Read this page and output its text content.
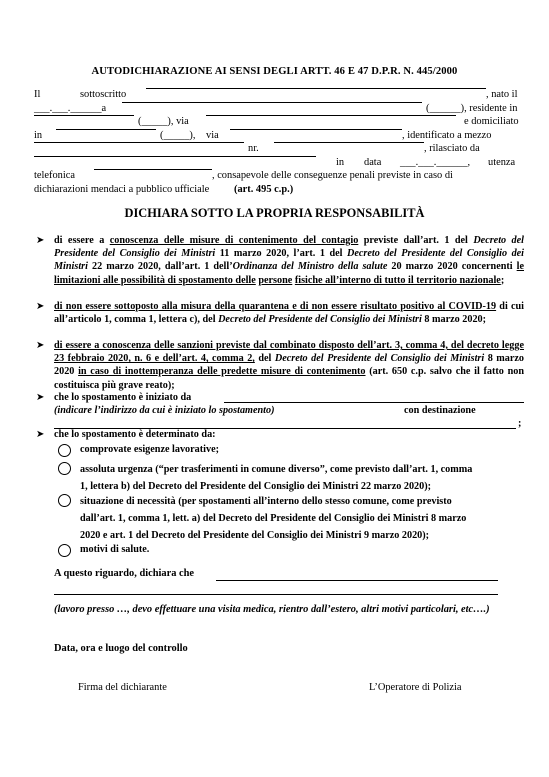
AUTODICHIARAZIONE AI SENSI DEGLI ARTT. 46 E 47 D.P.R. N. 445/2000
Il	sottoscritto	, nato il
___.___.______a	(______), residente in
(_____), via	e domiciliato
in	(_____), via	, identificato a mezzo
nr.	, rilasciato da
in data ___.___.______, utenza
telefonica	, consapevole delle conseguenze penali previste in caso di
dichiarazioni mendaci a pubblico ufficiale (art. 495 c.p.)
DICHIARA SOTTO LA PROPRIA RESPONSABILITÀ
➤ di essere a conoscenza delle misure di contenimento del contagio previste dall’art. 1 del Decreto del Presidente del Consiglio dei Ministri 11 marzo 2020, l’art. 1 del Decreto del Presidente del Consiglio dei Ministri 22 marzo 2020, dall’art. 1 dell’Ordinanza del Ministro della salute 20 marzo 2020 concernenti le limitazioni alle possibilità di spostamento delle persone fisiche all’interno di tutto il territorio nazionale;
➤ di non essere sottoposto alla misura della quarantena e di non essere risultato positivo al COVID-19 di cui all’articolo 1, comma 1, lettera c), del Decreto del Presidente del Consiglio dei Ministri 8 marzo 2020;
➤ di essere a conoscenza delle sanzioni previste dal combinato disposto dell’art. 3, comma 4, del decreto legge 23 febbraio 2020, n. 6 e dell’art. 4, comma 2, del Decreto del Presidente del Consiglio dei Ministri 8 marzo 2020 in caso di inottemperanza delle predette misure di contenimento (art. 650 c.p. salvo che il fatto non costituisca più grave reato);
➤ che lo spostamento è iniziato da
(indicare l’indirizzo da cui è iniziato lo spostamento)	con destinazione
;
➤ che lo spostamento è determinato da:
comprovate esigenze lavorative;
assoluta urgenza (“per trasferimenti in comune diverso”, come previsto dall’art. 1, comma
1, lettera b) del Decreto del Presidente del Consiglio dei Ministri 22 marzo 2020);
situazione di necessità (per spostamenti all’interno dello stesso comune, come previsto
dall’art. 1, comma 1, lett. a) del Decreto del Presidente del Consiglio dei Ministri 8 marzo
2020 e art. 1 del Decreto del Presidente del Consiglio dei Ministri 9 marzo 2020);
motivi di salute.
A questo riguardo, dichiara che
(lavoro presso …, devo effettuare una visita medica, rientro dall’estero, altri motivi particolari, etc….)
Data, ora e luogo del controllo
Firma del dichiarante	L’Operatore di Polizia
